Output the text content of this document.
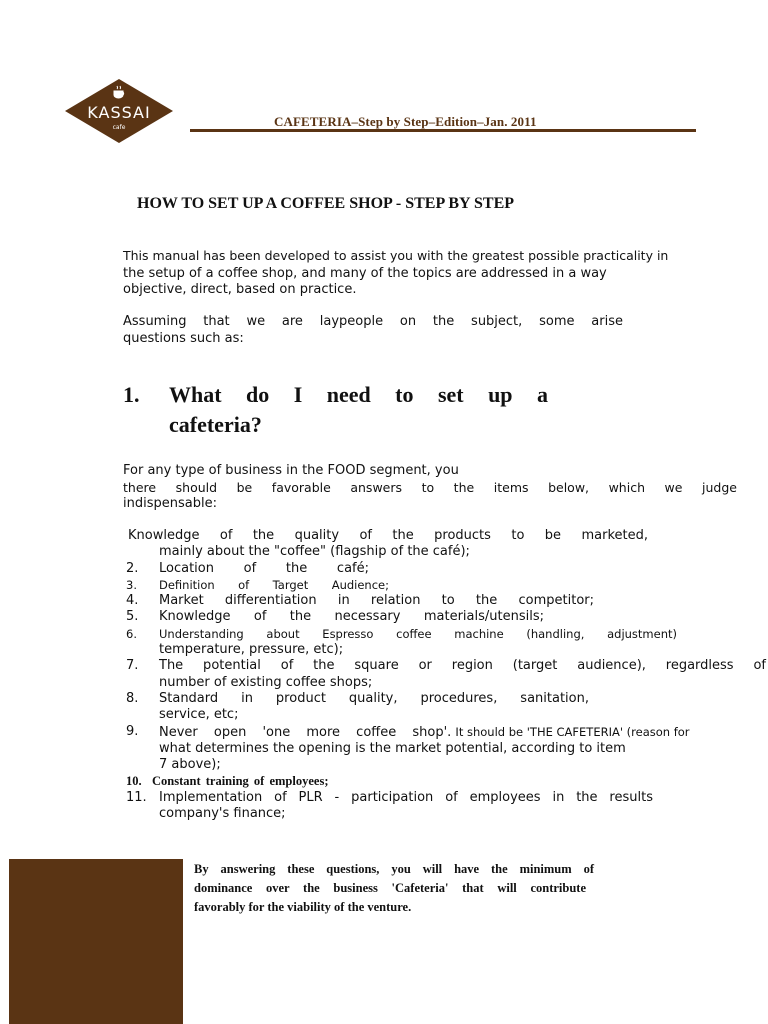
KASSAI
cafe	CAFETERIA–Step by Step–Edition–Jan. 2011
HOW TO SET UP A COFFEE SHOP - STEP BY STEP
This manual has been developed to assist you with the greatest possible practicality in
the setup of a coffee shop, and many of the topics are addressed in a way
objective, direct, based on practice.
Assuming that we are laypeople on the subject, some arise
questions such as:
1. What do I need to set up a
cafeteria?
For any type of business in the FOOD segment, you
there should be favorable answers to the items below, which we judge
indispensable:
Knowledge of the quality of the products to be marketed,
mainly about the "coffee" (flagship of the café);
2.	Location of the café;
3.	Definition of Target Audience;
4.	Market differentiation in relation to the competitor;
5.	Knowledge of the necessary materials/utensils;
6.	Understanding about Espresso coffee machine (handling, adjustment)
temperature, pressure, etc);
7.	The potential of the square or region (target audience), regardless of
number of existing coffee shops;
8.	Standard in product quality, procedures, sanitation,
service, etc;
9.	Never open 'one more coffee shop'. It should be 'THE CAFETERIA' (reason for
what determines the opening is the market potential, according to item
7 above);
10. Constant training of employees;
11. Implementation of PLR - participation of employees in the results
company's finance;
By answering these questions, you will have the minimum of
dominance over the business 'Cafeteria' that will contribute
favorably for the viability of the venture.
